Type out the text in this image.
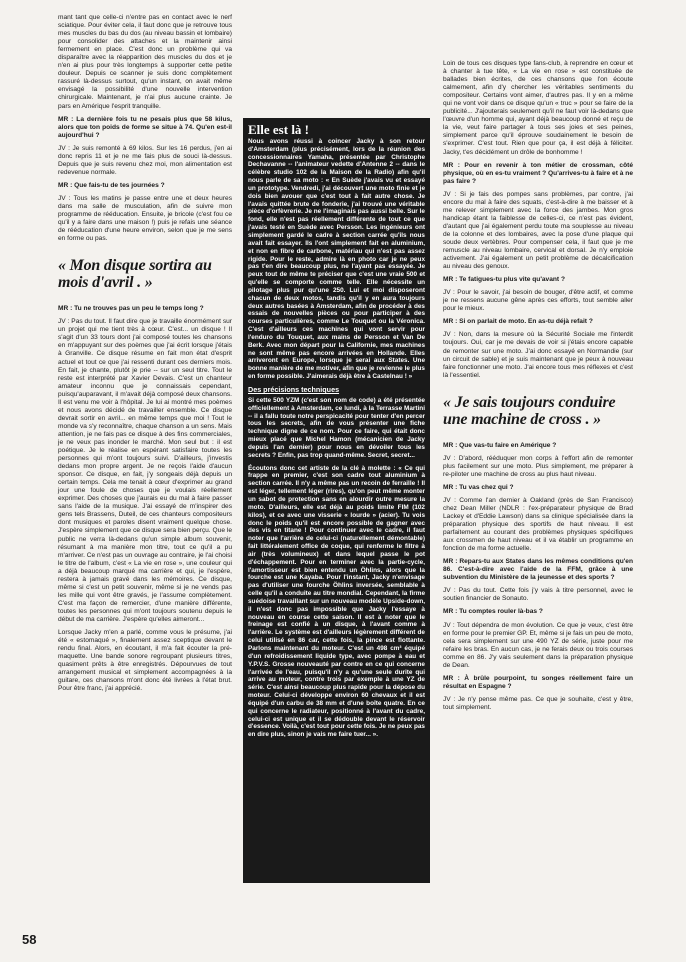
mant tant que celle-ci n'entre pas en contact avec le nerf sciatique. Pour éviter cela, il faut donc que je retrouve tous mes muscles du bas du dos (au niveau bassin et lombaire) pour consolider des attaches et la maintenir ainsi fermement en place. C'est donc un problème qui va disparaître avec la réapparition des muscles du dos et je n'en ai plus pour très longtemps à supporter cette petite douleur. Depuis ce scanner je suis donc complètement rassuré là-dessus surtout, qu'un instant, on avait même envisagé la possibilité d'une nouvelle intervention chirurgicale. Maintenant, je n'ai plus aucune crainte. Je pars en Amérique l'esprit tranquille.

MR : La dernière fois tu ne pesais plus que 58 kilus, alors que ton poids de forme se situe à 74. Qu'en est-il aujourd'hui ?

JV : Je suis remonté à 69 kilos. Sur les 16 perdus, j'en ai donc repris 11 et je ne me fais plus de souci là-dessus. Depuis que je suis revenu chez moi, mon alimentation est redevenue normale.

MR : Que fais-tu de tes journées ?

JV : Tous les matins je passe entre une et deux heures dans ma salle de musculation, afin de suivre mon programme de rééducation. Ensuite, je bricole (c'est fou ce qu'il y a faire dans une maison !) puis je refais une séance de rééducation d'une heure environ, selon que je me sens en forme ou pas.

« Mon disque sortira au mois d'avril . »

MR : Tu ne trouves pas un peu le temps long ?

JV : Pas du tout. Il faut dire que je travaille énormément sur un projet qui me tient très à cœur. C'est... un disque ! Il s'agit d'un 33 tours dont j'ai composé toutes les chansons en m'appuyant sur des poèmes que j'ai écrit lorsque j'étais à Granville. Ce disque résume en fait mon état d'esprit actuel et tout ce que j'ai ressenti durant ces derniers mois. En fait, je chante, plutôt je prie -- sur un seul titre. Tout le reste est interprété par Xavier Devais. C'est un chanteur amateur inconnu que je connaissais cependant, puisqu'auparavant, il m'avait déjà composé deux chansons. Il est venu me voir à l'hôpital. Je lui ai montré mes poèmes et nous avons décidé de travailler ensemble. Ce disque devrait sortir en avril... en même temps que moi ! Tout le monde va s'y reconnaître, chaque chanson a un sens. Mais attention, je ne fais pas ce disque à des fins commerciales, je ne veux pas inonder le marché. Mon seul but : il est poétique. Je le réalise en espérant satisfaire toutes les personnes qui m'ont toujours suivi. D'ailleurs, j'investis dedans mon propre argent. Je ne reçois l'aide d'aucun sponsor. Ce disque, en fait, j'y songeais déjà depuis un certain temps. Cela me tenait à cœur d'exprimer au grand jour une foule de choses que je voulais réellement exprimer. Des choses que j'aurais eu du mal à faire passer sans l'aide de la musique. J'ai essayé de m'inspirer des gens tels Brassens, Duteil, de ces chanteurs compositeurs dont musiques et paroles disent vraiment quelque chose. J'espère simplement que ce disque sera bien perçu. Que le public ne verra là-dedans qu'un simple album souvenir, résumant à ma manière mon titre, tout ce qu'il a pu m'arriver. Ce n'est pas un ouvrage au contraire, je l'ai choisi le titre de l'album, c'est « La vie en rose », une couleur qui a déjà beaucoup marqué ma carrière et qui, je l'espère, restera à jamais gravé dans les mémoires. Ce disque, même si c'est un petit souvenir, même si je ne vends pas les mille qui vont être gravés, je l'assume complètement. C'est ma façon de remercier, d'une manière différente, toutes les personnes qui m'ont toujours soutenu depuis le début de ma carrière. J'espère qu'elles aimeront...

Lorsque Jacky m'en a parlé, comme vous le présume, j'ai été « estomaqué », finalement assez sceptique devant le rendu final. Alors, en écoutant, il m'a fait écouter la pré-maquette. Une bande sonore regroupant plusieurs titres, quasiment prêts à être enregistrés. Dépourvues de tout arrangement musical et simplement accompagnées à la guitare, ces chansons m'ont donc été livrées à l'état brut. Pour être franc, j'ai apprécié.

Elle est là !

Nous avons réussi à coincer Jacky à son retour d'Amsterdam (plus précisément, lors de la réunion des concessionnaires Yamaha, présentée par Christophe Dechavanne -- l'animateur vedette d'Antenne 2 -- dans le célèbre studio 102 de la Maison de la Radio) afin qu'il nous parle de sa moto : « En Suède j'avais vu et essayé un prototype. Vendredi, j'ai découvert une moto finie et je dois bien avouer que c'est tout à fait autre chose. Je l'avais quittée brute de fonderie, j'ai trouvé une véritable pièce d'orfèvrerie. Je ne l'imaginais pas aussi belle. Sur le fond, elle n'est pas réellement différente de tout ce que j'avais testé en Suède avec Persson. Les ingénieurs ont simplement gardé le cadre à section carrée qu'ils nous avait fait essayer. Ils l'ont simplement fait en aluminium, et non en fibre de carbone, matériau qui n'est pas assez rigide. Pour le reste, admire là en photo car je ne peux pas t'en dire beaucoup plus, ne l'ayant pas essayée. Je peux tout de même te préciser que c'est une vraie 500 et qu'elle se comporte comme telle. Elle nécessite un pilotage plus pur qu'une 250. Lui et moi disposeront chacun de deux motos, tandis qu'il y en aura toujours deux autres basées à Amsterdam, afin de procéder à des essais de nouvelles pièces ou pour participer à des courses particulières, comme Le Touquet ou la Véronica. C'est d'ailleurs ces machines qui vont servir pour l'enduro du Touquet, aux mains de Persson et Van De Berk. Avec mon départ pour la Californie, mes machines ne sont même pas encore arrivées en Hollande. Elles arriveront en Europe, lorsque je serai aux States. Une bonne manière de me motiver, afin que je revienne le plus en forme possible. J'aimerais déjà être à Castelnau ! »

Des précisions techniques

Si cette 500 YZM (c'est son nom de code) a été présentée officiellement à Amsterdam, ce lundi, à la Terrasse Martini -- il a fallu toute notre perspicacité pour tenter d'en percer tous les secrets, afin de vous présenter une fiche technique digne de ce nom. Pour ce faire, qui était donc mieux placé que Michel Hamon (mécanicien de Jacky depuis l'an dernier) pour nous en dévoiler tous les secrets ? Enfin, pas trop quand-même. Secret, secret...

Écoutons donc cet artiste de la clé à molette : « Ce qui frappe en premier, c'est son cadre tout aluminium à section carrée. Il n'y a même pas un recoin de ferraille ! Il est léger, tellement léger (rires), qu'on peut même monter un sabot de protection sans en alourdir outre mesure la moto. D'ailleurs, elle est déjà au poids limite FIM (102 kilos), et ce avec une visserie « lourde » (acier). Tu vois donc le poids qu'il est encore possible de gagner avec des vis en titane ! Pour continuer avec le cadre, il faut noter que l'arrière de celui-ci (naturellement démontable) fait littéralement office de coque, qui renferme le filtre à air (très volumineux) et dans lequel passe le pot d'échappement. Pour en terminer avec la partie-cycle, l'amortisseur est bien entendu un Öhlins, alors que la fourche est une Kayaba. Pour l'instant, Jacky n'envisage pas d'utiliser une fourche Öhlins inversée, semblable à celle qu'il a conduite au titre mondial. Cependant, la firme suédoise travaillant sur un nouveau modèle Upside-down, il n'est donc pas impossible que Jacky l'essaye à nouveau en course cette saison. Il est à noter que le freinage est confié à un disque, à l'avant comme à l'arrière. Le système est d'ailleurs légèrement différent de celui utilisé en 86 car, cette fois, la pince est flottante. Parlons maintenant du moteur. C'est un 498 cm³ équipé d'un refroidissement liquide type, avec pompe à eau et Y.P.V.S. Grosse nouveauté par contre en ce qui concerne l'arrivée de l'eau, puisqu'il n'y a qu'une seule durite qui arrive au moteur, contre trois par exemple à une YZ de série. C'est ainsi beaucoup plus rapide pour la dépose du moteur. Celui-ci développe environ 60 chevaux et il est équipé d'un carbu de 38 mm et d'une boîte quatre. En ce qui concerne le radiateur, positionné à l'avant du cadre, celui-ci est unique et il se dédouble devant le réservoir d'essence. Voilà, c'est tout pour cette fois. Je ne peux pas en dire plus, sinon je vais me faire tuer... ».

Loin de tous ces disques type fans-club, à reprendre en cœur et à chanter à tue tête, « La vie en rose » est constituée de ballades bien écrites, de ces chansons que l'on écoute calmement, afin d'y chercher les véritables sentiments du compositeur. Certains vont aimer, d'autres pas. Il y en a même qui ne vont voir dans ce disque qu'un « truc » pour se faire de la publicité... J'ajouterais seulement qu'il ne faut voir là-dedans que l'œuvre d'un homme qui, ayant déjà beaucoup donné et reçu de la vie, veut faire partager à tous ses joies et ses peines, simplement parce qu'il éprouve soudainement le besoin de s'exprimer. C'est tout. Rien que pour ça, il est déjà à féliciter. Jacky, t'es décidément un drôle de bonhomme !

MR : Pour en revenir à ton métier de crossman, côté physique, où en es-tu vraiment ? Qu'arrives-tu à faire et à ne pas faire ?

JV : Si je fais des pompes sans problèmes, par contre, j'ai encore du mal à faire des squats, c'est-à-dire à me baisser et à me relever simplement avec la force des jambes. Mon gros handicap étant la faiblesse de celles-ci, ce n'est pas évident, d'autant que j'ai également perdu toute ma souplesse au niveau de la colonne et des lombaires, avec la pose d'une plaque qui soude deux vertèbres. Pour compenser cela, il faut que je me remuscle au niveau lombaire, cervical et dorsal. Je n'y emploie activement. J'ai également un petit problème de décalcification au niveau des genoux.

MR : Te fatigues-tu plus vite qu'avant ?

JV : Pour le savoir, j'ai besoin de bouger, d'être actif, et comme je ne ressens aucune gêne après ces efforts, tout semble aller pour le mieux.

MR : Si on parlait de moto. En as-tu déjà refait ?

JV : Non, dans la mesure où la Sécurité Sociale me l'interdit toujours. Oui, car je me devais de voir si j'étais encore capable de remonter sur une moto. J'ai donc essayé en Normandie (sur un circuit de sable) et je suis maintenant que je peux à nouveau faire fonctionner une moto. J'ai encore tous mes réflexes et c'est là l'essentiel.

« Je sais toujours conduire une machine de cross . »

MR : Que vas-tu faire en Amérique ?

JV : D'abord, rééduquer mon corps à l'effort afin de remonter plus facilement sur une moto. Plus simplement, me préparer à re-piloter une machine de cross au plus haut niveau.

MR : Tu vas chez qui ?

JV : Comme l'an dernier à Oakland (près de San Francisco) chez Dean Miller (NDLR : l'ex-préparateur physique de Brad Lackey et d'Eddie Lawson) dans sa clinique spécialisée dans la préparation physique des sportifs de haut niveau. Il est parfaitement au courant des problèmes physiques spécifiques aux crossmen de haut niveau et il va établir un programme en fonction de ma forme actuelle.

MR : Repars-tu aux States dans les mêmes conditions qu'en 86. C'est-à-dire avec l'aide de la FFM, grâce à une subvention du Ministère de la jeunesse et des sports ?

JV : Pas du tout. Cette fois j'y vais à titre personnel, avec le soutien financier de Sonauto.

MR : Tu comptes rouler là-bas ?

JV : Tout dépendra de mon évolution. Ce que je veux, c'est être en forme pour le premier GP. Et, même si je fais un peu de moto, cela sera simplement sur une 490 YZ de série, juste pour me refaire les bras. En aucun cas, je ne ferais deux ou trois courses comme en 86. J'y vais seulement dans la préparation physique de Dean.

MR : À brûle pourpoint, tu songes réellement faire un résultat en Espagne ?

JV : Je n'y pense même pas. Ce que je souhaite, c'est y être, tout simplement.

58
